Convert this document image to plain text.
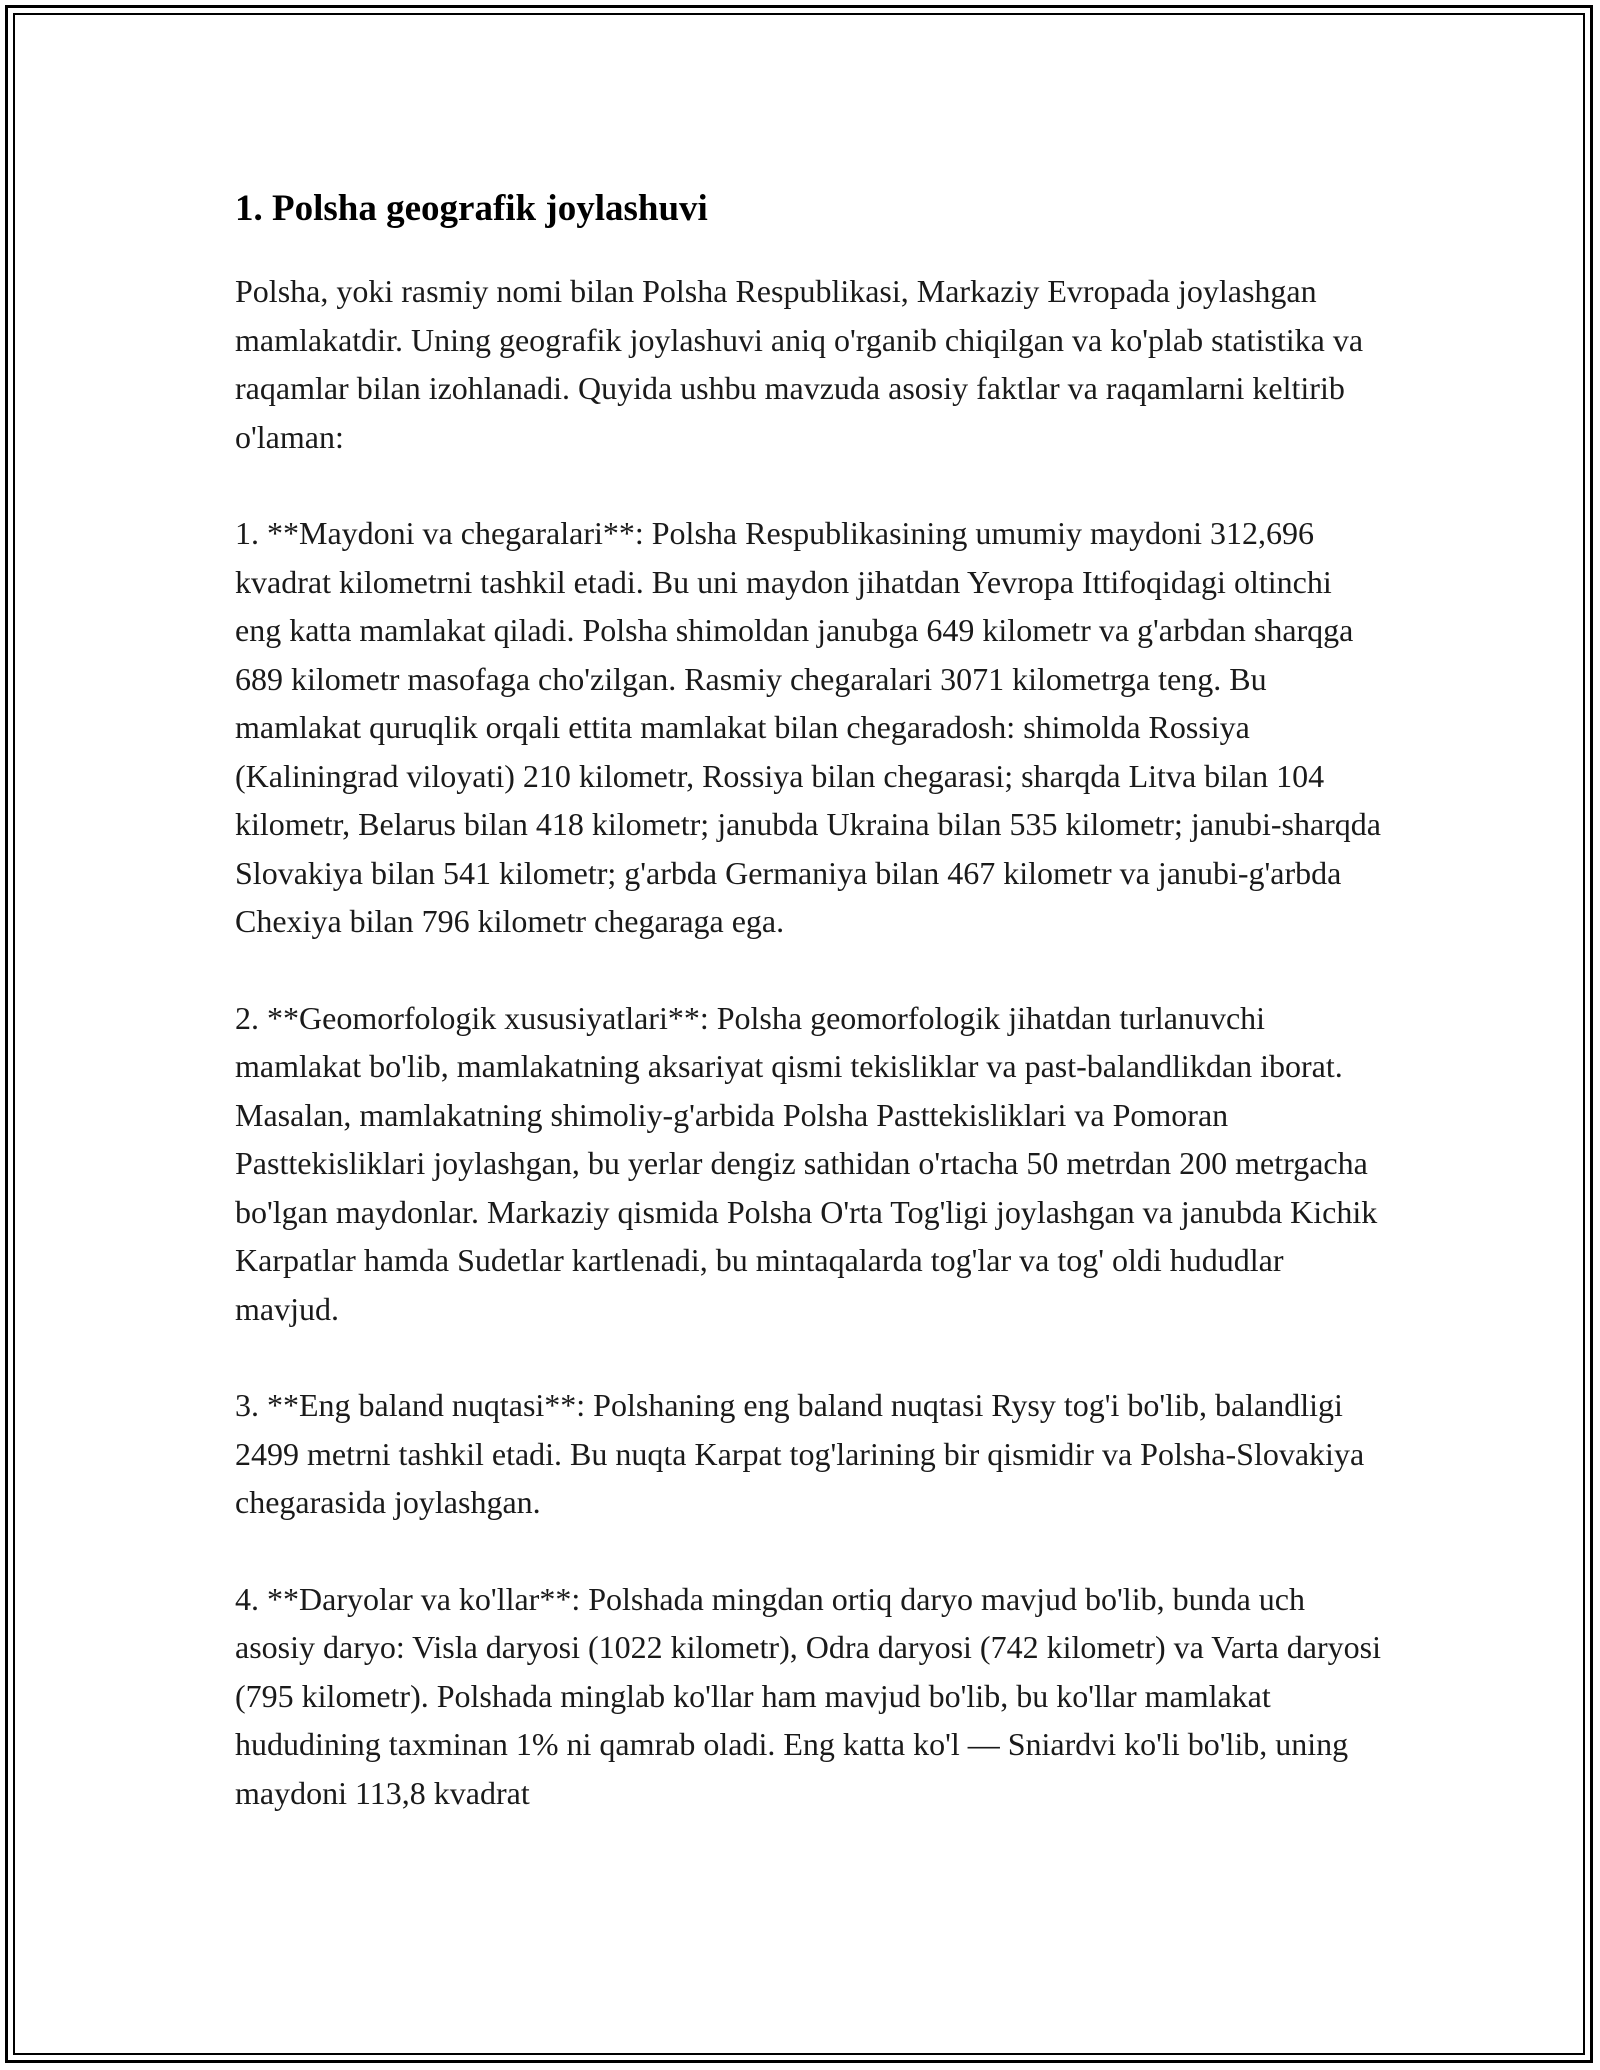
1. Polsha geografik joylashuvi

Polsha, yoki rasmiy nomi bilan Polsha Respublikasi, Markaziy Evropada joylashgan mamlakatdir. Uning geografik joylashuvi aniq o'rganib chiqilgan va ko'plab statistika va raqamlar bilan izohlanadi. Quyida ushbu mavzuda asosiy faktlar va raqamlarni keltirib o'laman:

1. **Maydoni va chegaralari**: Polsha Respublikasining umumiy maydoni 312,696 kvadrat kilometrni tashkil etadi. Bu uni maydon jihatdan Yevropa Ittifoqidagi oltinchi eng katta mamlakat qiladi. Polsha shimoldan janubga 649 kilometr va g'arbdan sharqga 689 kilometr masofaga cho'zilgan. Rasmiy chegaralari 3071 kilometrga teng. Bu mamlakat quruqlik orqali ettita mamlakat bilan chegaradosh: shimolda Rossiya (Kaliningrad viloyati) 210 kilometr, Rossiya bilan chegarasi; sharqda Litva bilan 104 kilometr, Belarus bilan 418 kilometr; janubda Ukraina bilan 535 kilometr; janubi-sharqda Slovakiya bilan 541 kilometr; g'arbda Germaniya bilan 467 kilometr va janubi-g'arbda Chexiya bilan 796 kilometr chegaraga ega.

2. **Geomorfologik xususiyatlari**: Polsha geomorfologik jihatdan turlanuvchi mamlakat bo'lib, mamlakatning aksariyat qismi tekisliklar va past-balandlikdan iborat. Masalan, mamlakatning shimoliy-g'arbida Polsha Pasttekisliklari va Pomoran Pasttekisliklari joylashgan, bu yerlar dengiz sathidan o'rtacha 50 metrdan 200 metrgacha bo'lgan maydonlar. Markaziy qismida Polsha O'rta Tog'ligi joylashgan va janubda Kichik Karpatlar hamda Sudetlar kartlenadi, bu mintaqalarda tog'lar va tog' oldi hududlar mavjud.

3. **Eng baland nuqtasi**: Polshaning eng baland nuqtasi Rysy tog'i bo'lib, balandligi 2499 metrni tashkil etadi. Bu nuqta Karpat tog'larining bir qismidir va Polsha-Slovakiya chegarasida joylashgan.

4. **Daryolar va ko'llar**: Polshada mingdan ortiq daryo mavjud bo'lib, bunda uch asosiy daryo: Visla daryosi (1022 kilometr), Odra daryosi (742 kilometr) va Varta daryosi (795 kilometr). Polshada minglab ko'llar ham mavjud bo'lib, bu ko'llar mamlakat hududining taxminan 1% ni qamrab oladi. Eng katta ko'l — Sniardvi ko'li bo'lib, uning maydoni 113,8 kvadrat
